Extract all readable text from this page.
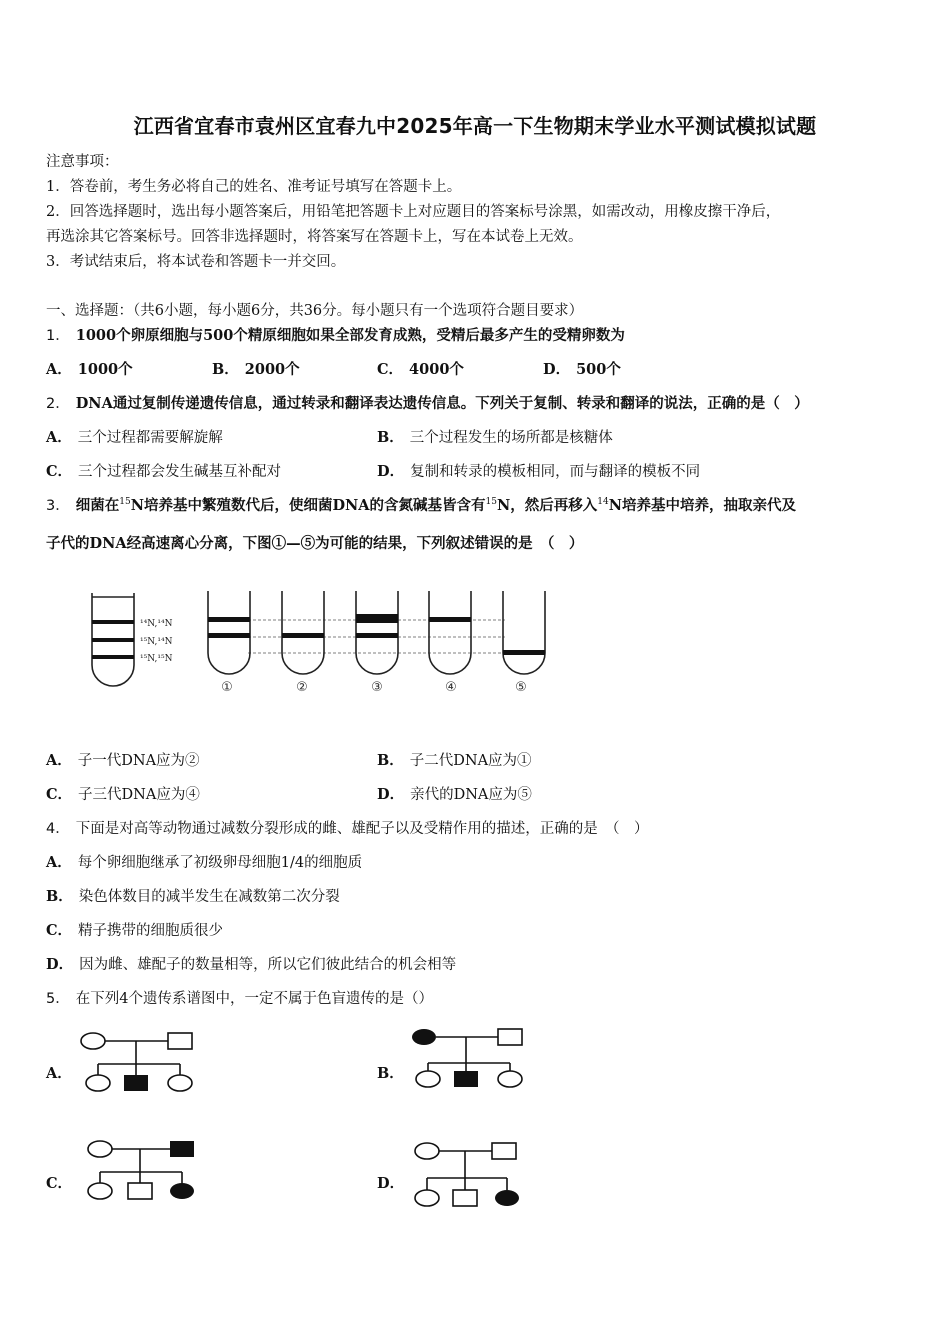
江西省宜春市袁州区宜春九中2025年高一下生物期末学业水平测试模拟试题
注意事项：
1．答卷前，考生务必将自己的姓名、准考证号填写在答题卡上。
2．回答选择题时，选出每小题答案后，用铅笔把答题卡上对应题目的答案标号涂黑，如需改动，用橡皮擦干净后，
再选涂其它答案标号。回答非选择题时，将答案写在答题卡上，写在本试卷上无效。
3．考试结束后，将本试卷和答题卡一并交回。
一、选择题：（共6小题，每小题6分，共36分。每小题只有一个选项符合题目要求）
1． 1000个卵原细胞与500个精原细胞如果全部发育成熟，受精后最多产生的受精卵数为
A． 1000个	B． 2000个	C． 4000个	D． 500个
2． DNA通过复制传递遗传信息，通过转录和翻译表达遗传信息。下列关于复制、转录和翻译的说法，正确的是（　）
A． 三个过程都需要解旋解	B． 三个过程发生的场所都是核糖体
C． 三个过程都会发生碱基互补配对	D． 复制和转录的模板相同，而与翻译的模板不同
3． 细菌在$^{15}$N培养基中繁殖数代后，使细菌DNA的含氮碱基皆含有$^{15}$N，然后再移入$^{14}$N培养基中培养，抽取亲代及
子代的DNA经高速离心分离，下图①—⑤为可能的结果，下列叙述错误的是　（　）
¹⁴N,¹⁴N
¹⁵N,¹⁴N
¹⁵N,¹⁵N
①	②	③	④	⑤
A． 子一代DNA应为②	B． 子二代DNA应为①
C． 子三代DNA应为④	D． 亲代的DNA应为⑤
4． 下面是对高等动物通过减数分裂形成的雌、雄配子以及受精作用的描述，正确的是　（　）
A． 每个卵细胞继承了初级卵母细胞1/4的细胞质
B． 染色体数目的减半发生在减数第二次分裂
C． 精子携带的细胞质很少
D． 因为雌、雄配子的数量相等，所以它们彼此结合的机会相等
5． 在下列4个遗传系谱图中，一定不属于色盲遗传的是（）
A．	B．
C．	D．
